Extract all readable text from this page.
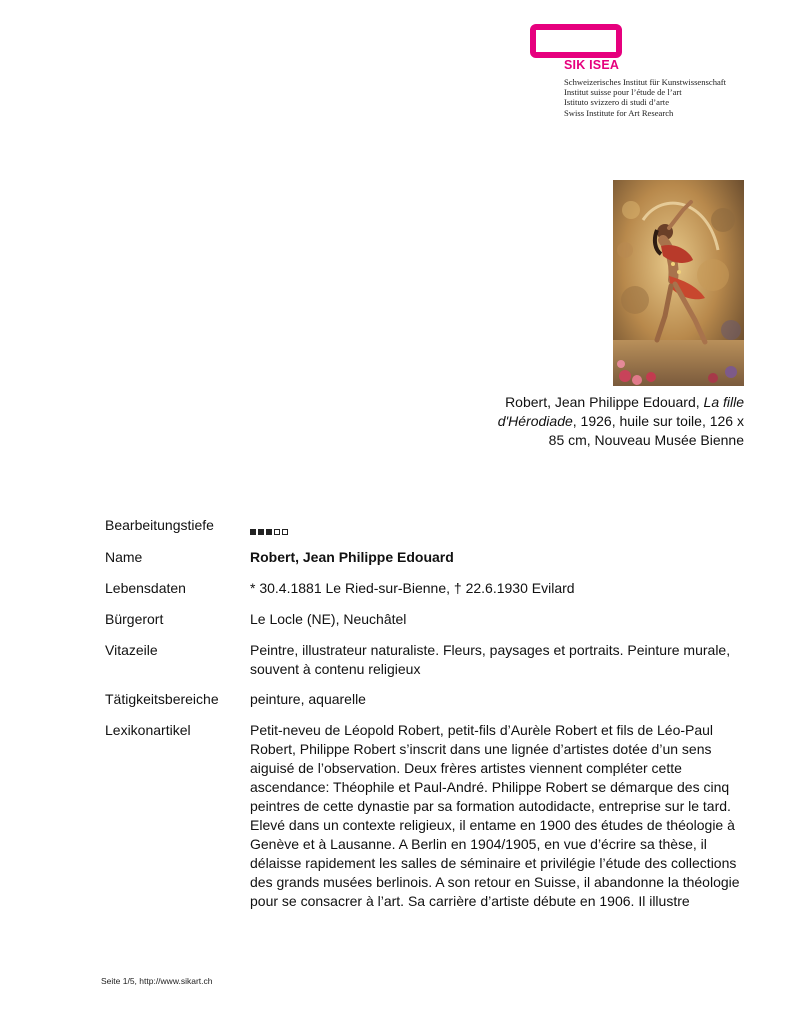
SIK ISEA
Schweizerisches Institut für Kunstwissenschaft
Institut suisse pour l’étude de l’art
Istituto svizzero di studi d’arte
Swiss Institute for Art Research
Robert, Jean Philippe Edouard, La fille d'Hérodiade, 1926, huile sur toile, 126 x 85 cm, Nouveau Musée Bienne
Bearbeitungstiefe
Name	Robert, Jean Philippe Edouard
Lebensdaten	* 30.4.1881 Le Ried-sur-Bienne, † 22.6.1930 Evilard
Bürgerort	Le Locle (NE), Neuchâtel
Vitazeile	Peintre, illustrateur naturaliste. Fleurs, paysages et portraits. Peinture murale, souvent à contenu religieux
Tätigkeitsbereiche	peinture, aquarelle
Lexikonartikel	Petit-neveu de Léopold Robert, petit-fils d’Aurèle Robert et fils de Léo-Paul Robert, Philippe Robert s’inscrit dans une lignée d’artistes dotée d’un sens aiguisé de l’observation. Deux frères artistes viennent compléter cette ascendance: Théophile et Paul-André. Philippe Robert se démarque des cinq peintres de cette dynastie par sa formation autodidacte, entreprise sur le tard. Elevé dans un contexte religieux, il entame en 1900 des études de théologie à Genève et à Lausanne. A Berlin en 1904/1905, en vue d’écrire sa thèse, il délaisse rapidement les salles de séminaire et privilégie l’étude des collections des grands musées berlinois. A son retour en Suisse, il abandonne la théologie pour se consacrer à l’art. Sa carrière d’artiste débute en 1906. Il illustre
Seite 1/5, http://www.sikart.ch
